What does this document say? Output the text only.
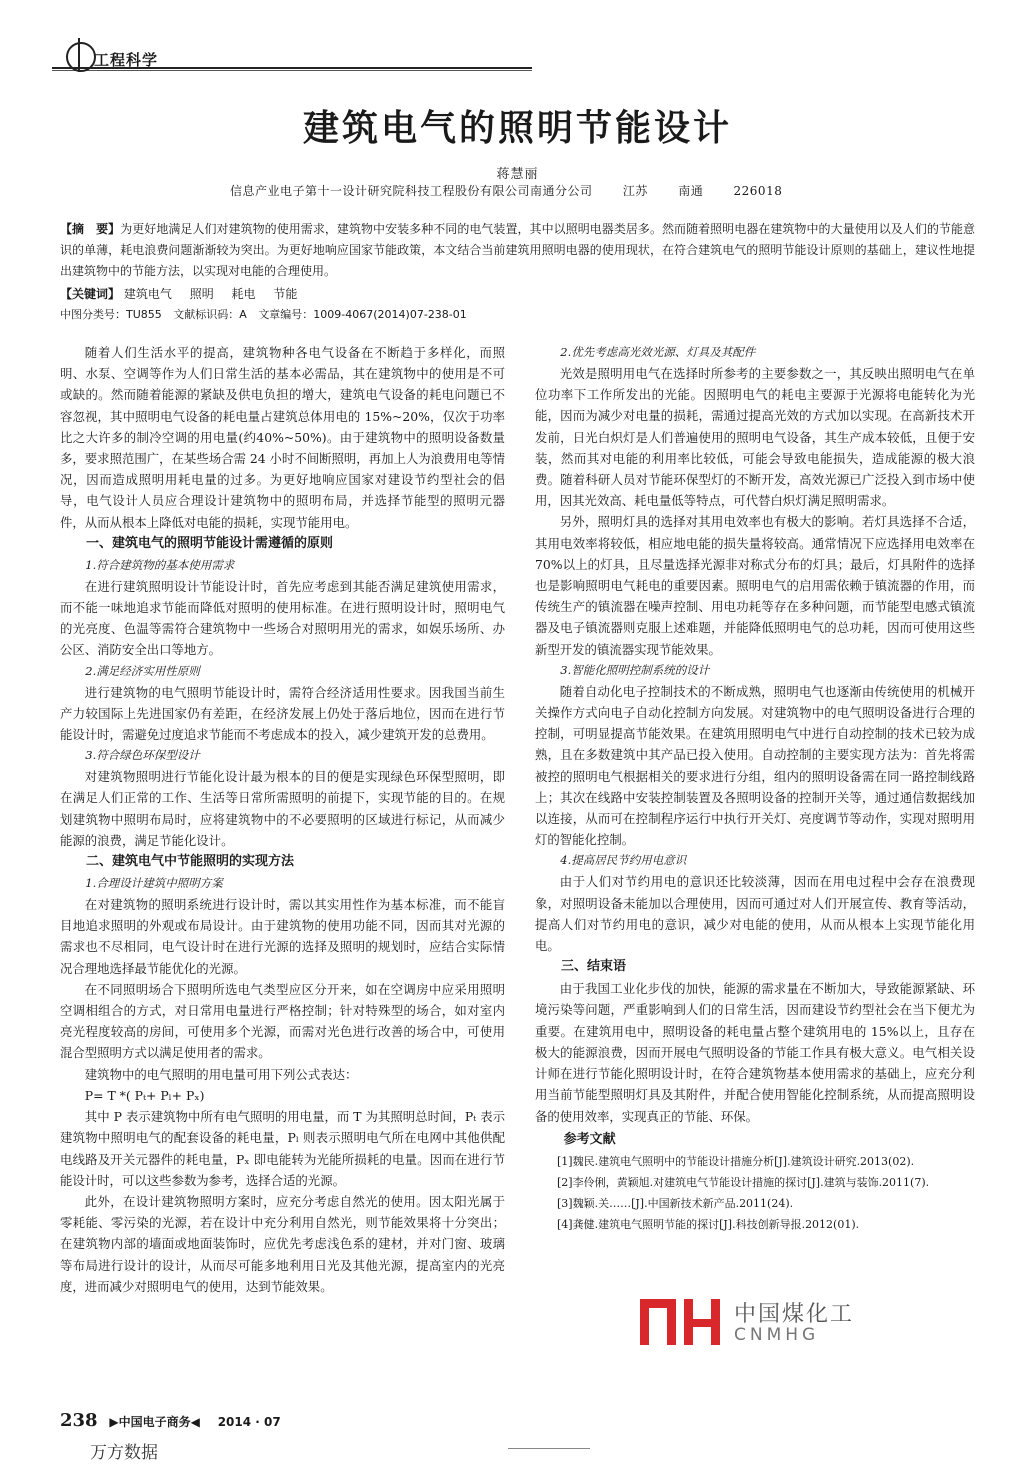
工程科学
建筑电气的照明节能设计
蒋慧丽
信息产业电子第十一设计研究院科技工程股份有限公司南通分公司	江苏	南通	226018
【摘　要】为更好地满足人们对建筑物的使用需求，建筑物中安装多种不同的电气装置，其中以照明电器类居多。然而随着照明电器在建筑物中的大量使用以及人们的节能意识的单薄，耗电浪费问题渐渐较为突出。为更好地响应国家节能政策，本文结合当前建筑用照明电器的使用现状，在符合建筑电气的照明节能设计原则的基础上，建议性地提出建筑物中的节能方法，以实现对电能的合理使用。
【关键词】 建筑电气 照明 耗电 节能
中图分类号：TU855 文献标识码：A 文章编号：1009-4067(2014)07-238-01

随着人们生活水平的提高，建筑物种各电气设备在不断趋于多样化，而照明、水泵、空调等作为人们日常生活的基本必需品，其在建筑物中的使用是不可或缺的。然而随着能源的紧缺及供电负担的增大，建筑电气设备的耗电问题已不容忽视，其中照明电气设备的耗电量占建筑总体用电的 15%~20%，仅次于功率比之大许多的制冷空调的用电量(约40%~50%)。由于建筑物中的照明设备数量多，要求照范围广，在某些场合需 24 小时不间断照明，再加上人为浪费用电等情况，因而造成照明用耗电量的过多。为更好地响应国家对建设节约型社会的倡导，电气设计人员应合理设计建筑物中的照明布局，并选择节能型的照明元器件，从而从根本上降低对电能的损耗，实现节能用电。

一、建筑电气的照明节能设计需遵循的原则
1.符合建筑物的基本使用需求

在进行建筑照明设计节能设计时，首先应考虑到其能否满足建筑使用需求，而不能一味地追求节能而降低对照明的使用标准。在进行照明设计时，照明电气的光亮度、色温等需符合建筑物中一些场合对照明用光的需求，如娱乐场所、办公区、消防安全出口等地方。

2.满足经济实用性原则

进行建筑物的电气照明节能设计时，需符合经济适用性要求。因我国当前生产力较国际上先进国家仍有差距，在经济发展上仍处于落后地位，因而在进行节能设计时，需避免过度追求节能而不考虑成本的投入，减少建筑开发的总费用。

3.符合绿色环保型设计

对建筑物照明进行节能化设计最为根本的目的便是实现绿色环保型照明，即在满足人们正常的工作、生活等日常所需照明的前提下，实现节能的目的。在规划建筑物中照明布局时，应将建筑物中的不必要照明的区域进行标记，从而减少能源的浪费，满足节能化设计。

二、建筑电气中节能照明的实现方法
1.合理设计建筑中照明方案

在对建筑物的照明系统进行设计时，需以其实用性作为基本标准，而不能盲目地追求照明的外观或布局设计。由于建筑物的使用功能不同，因而其对光源的需求也不尽相同，电气设计时在进行光源的选择及照明的规划时，应结合实际情况合理地选择最节能优化的光源。

在不同照明场合下照明所选电气类型应区分开来，如在空调房中应采用照明空调相组合的方式，对日常用电量进行严格控制；针对特殊型的场合，如对室内亮光程度较高的房间，可使用多个光源，而需对光色进行改善的场合中，可使用混合型照明方式以满足使用者的需求。

建筑物中的电气照明的用电量可用下列公式表达：

P= T *( Pₜ+ Pₗ+ Pₓ)

其中 P 表示建筑物中所有电气照明的用电量，而 T 为其照明总时间，Pₜ 表示建筑物中照明电气的配套设备的耗电量，Pₗ 则表示照明电气所在电网中其他供配电线路及开关元器件的耗电量，Pₓ 即电能转为光能所损耗的电量。因而在进行节能设计时，可以这些参数为参考，选择合适的光源。

此外，在设计建筑物照明方案时，应充分考虑自然光的使用。因太阳光属于零耗能、零污染的光源，若在设计中充分利用自然光，则节能效果将十分突出；在建筑物内部的墙面或地面装饰时，应优先考虑浅色系的建材，并对门窗、玻璃等布局进行设计的设计，从而尽可能多地利用日光及其他光源，提高室内的光亮度，进而减少对照明电气的使用，达到节能效果。

2.优先考虑高光效光源、灯具及其配件

光效是照明用电气在选择时所参考的主要参数之一，其反映出照明电气在单位功率下工作所发出的光能。因照明电气的耗电主要源于光源将电能转化为光能，因而为减少对电量的损耗，需通过提高光效的方式加以实现。在高新技术开发前，日光白炽灯是人们普遍使用的照明电气设备，其生产成本较低，且便于安装，然而其对电能的利用率比较低，可能会导致电能损失，造成能源的极大浪费。随着科研人员对节能环保型灯的不断开发，高效光源已广泛投入到市场中使用，因其光效高、耗电量低等特点，可代替白炽灯满足照明需求。

另外，照明灯具的选择对其用电效率也有极大的影响。若灯具选择不合适，其用电效率将较低，相应地电能的损失量将较高。通常情况下应选择用电效率在 70%以上的灯具，且尽量选择光源非对称式分布的灯具；最后，灯具附件的选择也是影响照明电气耗电的重要因素。照明电气的启用需依赖于镇流器的作用，而传统生产的镇流器在噪声控制、用电功耗等存在多种问题，而节能型电感式镇流器及电子镇流器则克服上述难题，并能降低照明电气的总功耗，因而可使用这些新型开发的镇流器实现节能效果。

3.智能化照明控制系统的设计

随着自动化电子控制技术的不断成熟，照明电气也逐渐由传统使用的机械开关操作方式向电子自动化控制方向发展。对建筑物中的电气照明设备进行合理的控制，可明显提高节能效果。在建筑用照明电气中进行自动控制的技术已较为成熟，且在多数建筑中其产品已投入使用。自动控制的主要实现方法为：首先将需被控的照明电气根据相关的要求进行分组，组内的照明设备需在同一路控制线路上；其次在线路中安装控制装置及各照明设备的控制开关等，通过通信数据线加以连接，从而可在控制程序运行中执行开关灯、亮度调节等动作，实现对照明用灯的智能化控制。

4.提高居民节约用电意识

由于人们对节约用电的意识还比较淡薄，因而在用电过程中会存在浪费现象，对照明设备未能加以合理使用，因而可通过对人们开展宣传、教育等活动，提高人们对节约用电的意识，减少对电能的使用，从而从根本上实现节能化用电。

三、结束语

由于我国工业化步伐的加快，能源的需求量在不断加大，导致能源紧缺、环境污染等问题，严重影响到人们的日常生活，因而建设节约型社会在当下便尤为重要。在建筑用电中，照明设备的耗电量占整个建筑用电的 15%以上，且存在极大的能源浪费，因而开展电气照明设备的节能工作具有极大意义。电气相关设计师在进行节能化照明设计时，在符合建筑物基本使用需求的基础上，应充分利用当前节能型照明灯具及其附件，并配合使用智能化控制系统，从而提高照明设备的使用效率，实现真正的节能、环保。

参考文献

[1]魏民.建筑电气照明中的节能设计措施分析[J].建筑设计研究.2013(02).

[2]李伶俐，黄颖旭.对建筑电气节能设计措施的探讨[J].建筑与装饰.2011(7).

[3]魏颖.关……[J].中国新技术新产品.2011(24).

[4]龚健.建筑电气照明节能的探讨[J].科技创新导报.2012(01).

中国煤化工
CNMHG
238 ▶中国电子商务◀ 2014 · 07
万方数据
